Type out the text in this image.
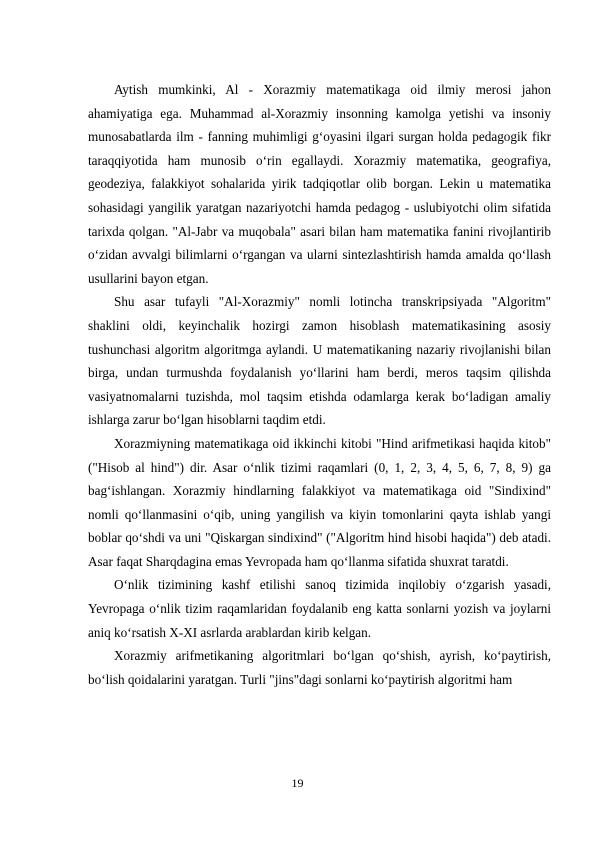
Aytish mumkinki, Al - Xorazmiy matematikaga oid ilmiy merosi jahon ahamiyatiga ega. Muhammad al-Xorazmiy insonning kamolga yetishi va insoniy munosabatlarda ilm - fanning muhimligi g‘oyasini ilgari surgan holda pedagogik fikr taraqqiyotida ham munosib o‘rin egallaydi. Xorazmiy matematika, geografiya, geodeziya, falakkiyot sohalarida yirik tadqiqotlar olib borgan. Lekin u matematika sohasidagi yangilik yaratgan nazariyotchi hamda pedagog - uslubiyotchi olim sifatida tarixda qolgan. "Al-Jabr va muqobala" asari bilan ham matematika fanini rivojlantirib o‘zidan avvalgi bilimlarni o‘rgangan va ularni sintezlashtirish hamda amalda qo‘llash usullarini bayon etgan.

Shu asar tufayli "Al-Xorazmiy" nomli lotincha transkripsiyada "Algoritm" shaklini oldi, keyinchalik hozirgi zamon hisoblash matematikasining asosiy tushunchasi algoritm algoritmga aylandi. U matematikaning nazariy rivojlanishi bilan birga, undan turmushda foydalanish yo‘llarini ham berdi, meros taqsim qilishda vasiyatnomalarni tuzishda, mol taqsim etishda odamlarga kerak bo‘ladigan amaliy ishlarga zarur bo‘lgan hisoblarni taqdim etdi.

Xorazmiyning matematikaga oid ikkinchi kitobi "Hind arifmetikasi haqida kitob" ("Hisob al hind") dir. Asar o‘nlik tizimi raqamlari (0, 1, 2, 3, 4, 5, 6, 7, 8, 9) ga bag‘ishlangan. Xorazmiy hindlarning falakkiyot va matematikaga oid "Sindixind" nomli qo‘llanmasini o‘qib, uning yangilish va kiyin tomonlarini qayta ishlab yangi boblar qo‘shdi va uni "Qiskargan sindixind" ("Algoritm hind hisobi haqida") deb atadi. Asar faqat Sharqdagina emas Yevropada ham qo‘llanma sifatida shuxrat taratdi.

O‘nlik tizimining kashf etilishi sanoq tizimida inqilobiy o‘zgarish yasadi, Yevropaga o‘nlik tizim raqamlaridan foydalanib eng katta sonlarni yozish va joylarni aniq ko‘rsatish X-XI asrlarda arablardan kirib kelgan.

Xorazmiy arifmetikaning algoritmlari bo‘lgan qo‘shish, ayrish, ko‘paytirish, bo‘lish qoidalarini yaratgan. Turli "jins"dagi sonlarni ko‘paytirish algoritmi ham

19
